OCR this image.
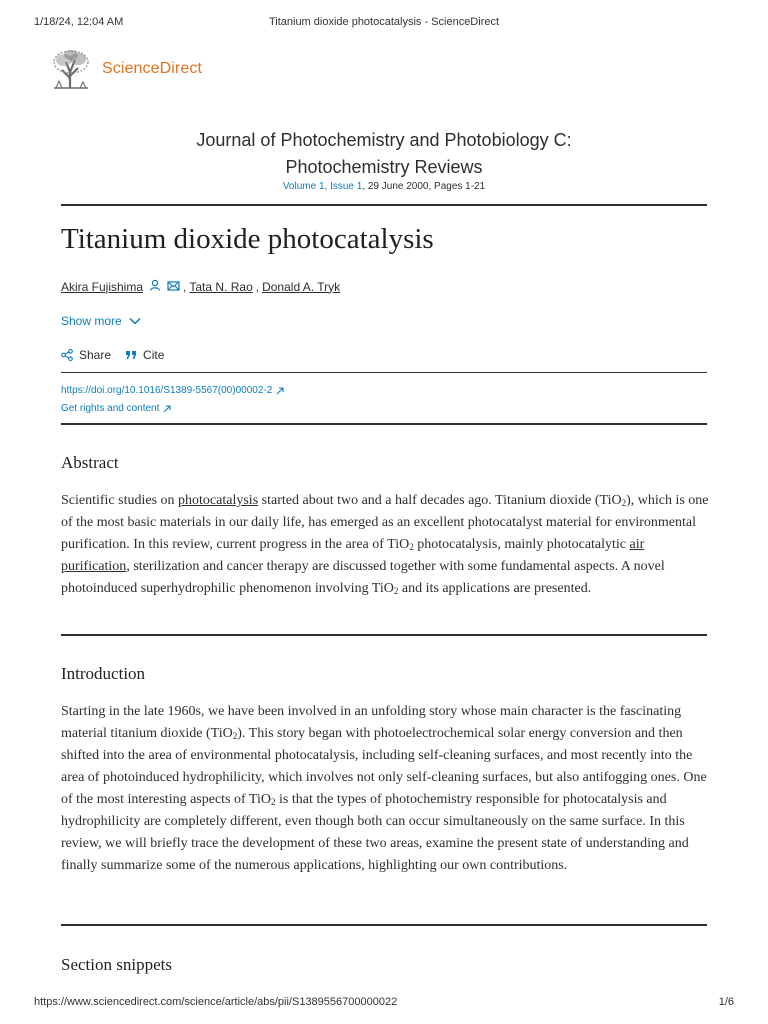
1/18/24, 12:04 AM	Titanium dioxide photocatalysis - ScienceDirect
ScienceDirect
Journal of Photochemistry and Photobiology C:
Photochemistry Reviews
Volume 1, Issue 1, 29 June 2000, Pages 1-21
Titanium dioxide photocatalysis
Akira Fujishima	, Tata N. Rao , Donald A. Tryk
Show more
Share	Cite
https://doi.org/10.1016/S1389-5567(00)00002-2
Get rights and content
Abstract

Scientific studies on photocatalysis started about two and a half decades ago. Titanium dioxide (TiO$_2$), which is one of the most basic materials in our daily life, has emerged as an excellent photocatalyst material for environmental purification. In this review, current progress in the area of TiO$_2$ photocatalysis, mainly photocatalytic air purification, sterilization and cancer therapy are discussed together with some fundamental aspects. A novel photoinduced superhydrophilic phenomenon involving TiO$_2$ and its applications are presented.

Introduction

Starting in the late 1960s, we have been involved in an unfolding story whose main character is the fascinating material titanium dioxide (TiO$_2$). This story began with photoelectrochemical solar energy conversion and then shifted into the area of environmental photocatalysis, including self-cleaning surfaces, and most recently into the area of photoinduced hydrophilicity, which involves not only self-cleaning surfaces, but also antifogging ones. One of the most interesting aspects of TiO$_2$ is that the types of photochemistry responsible for photocatalysis and hydrophilicity are completely different, even though both can occur simultaneously on the same surface. In this review, we will briefly trace the development of these two areas, examine the present state of understanding and finally summarize some of the numerous applications, highlighting our own contributions.

Section snippets
https://www.sciencedirect.com/science/article/abs/pii/S1389556700000022	1/6
